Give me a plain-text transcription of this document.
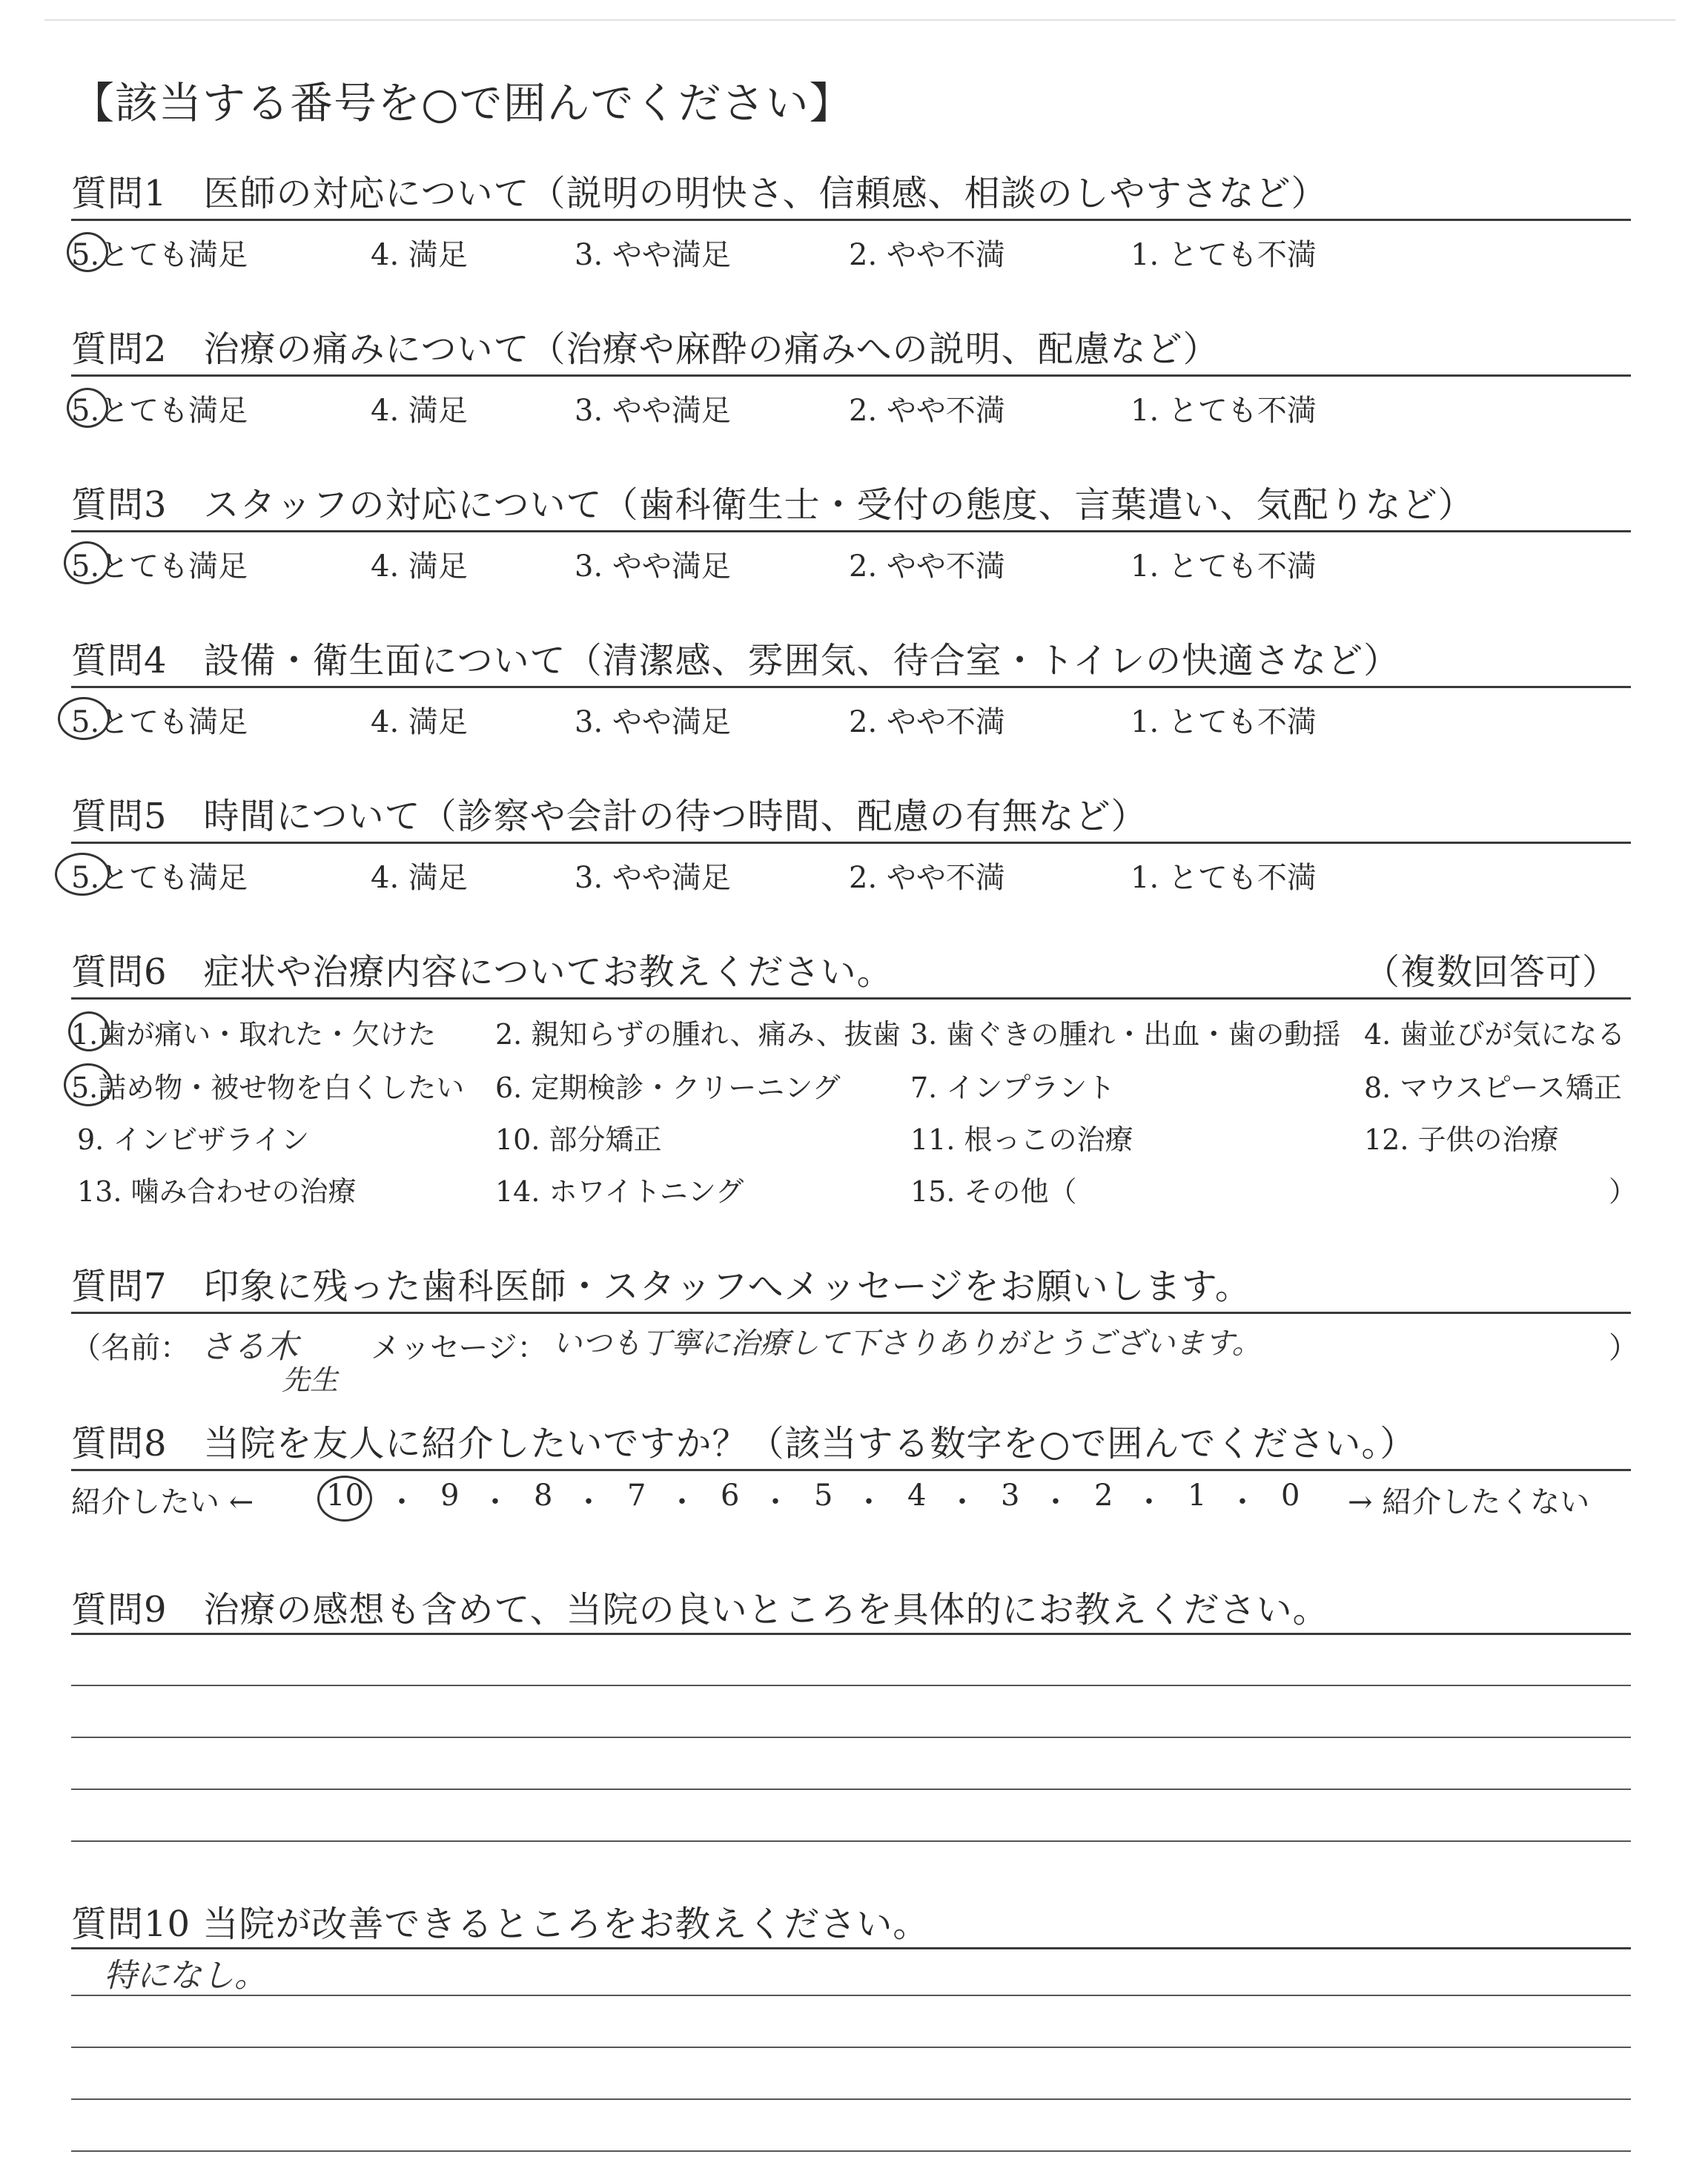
【該当する番号を○で囲んでください】
質問1　医師の対応について（説明の明快さ、信頼感、相談のしやすさなど）
5.とても満足	4. 満足	3. やや満足	2. やや不満	1. とても不満
質問2　治療の痛みについて（治療や麻酔の痛みへの説明、配慮など）
5.とても満足	4. 満足	3. やや満足	2. やや不満	1. とても不満
質問3　スタッフの対応について（歯科衛生士・受付の態度、言葉遣い、気配りなど）
5.とても満足	4. 満足	3. やや満足	2. やや不満	1. とても不満
質問4　設備・衛生面について（清潔感、雰囲気、待合室・トイレの快適さなど）
5.とても満足	4. 満足	3. やや満足	2. やや不満	1. とても不満
質問5　時間について（診察や会計の待つ時間、配慮の有無など）
5.とても満足	4. 満足	3. やや満足	2. やや不満	1. とても不満
質問6　症状や治療内容についてお教えください。	（複数回答可）
1.歯が痛い・取れた・欠けた 2. 親知らずの腫れ、痛み、抜歯 3. 歯ぐきの腫れ・出血・歯の動揺 4. 歯並びが気になる
5.詰め物・被せ物を白くしたい 6. 定期検診・クリーニング 7. インプラント	8. マウスピース矯正
9. インビザライン	10. 部分矯正	11. 根っこの治療	12. 子供の治療
13. 噛み合わせの治療	14. ホワイトニング	15. その他（	）
質問7　印象に残った歯科医師・スタッフへメッセージをお願いします。
（名前： さる木
先生
メッセージ： いつも丁寧に治療して下さりありがとうございます。	）
質問8　当院を友人に紹介したいですか？（該当する数字を○で囲んでください。）
紹介したい ← 10 ・ 9 ・ 8 ・ 7 ・ 6 ・ 5 ・ 4 ・ 3 ・ 2 ・ 1 ・ 0 → 紹介したくない
質問9　治療の感想も含めて、当院の良いところを具体的にお教えください。
質問10 当院が改善できるところをお教えください。
特になし。
